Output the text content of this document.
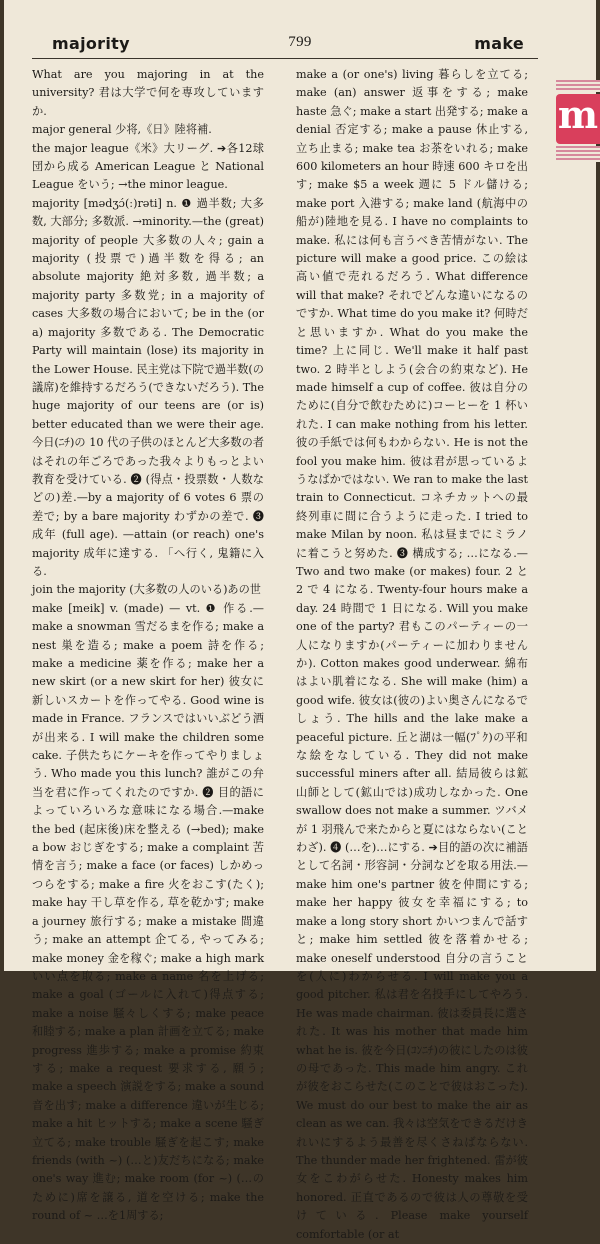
majority	799	make
m

What are you majoring in at the university? 君は大学で何を専攻していますか.

major general 少将,《日》陸将補.

the major league《米》大リーグ. ➔各12球団から成る American League と National League をいう; →the minor league.

majority [mədʒɔ́(ː)rəti] n. ❶ 過半数; 大多数, 大部分; 多数派. →minority.—the (great) majority of people 大多数の人々; gain a majority (投票で)過半数を得る; an absolute majority 絶対多数, 過半数; a majority party 多数党; in a majority of cases 大多数の場合において; be in the (or a) majority 多数である. The Democratic Party will maintain (lose) its majority in the Lower House. 民主党は下院で過半数(の議席)を維持するだろう(できないだろう). The huge majority of our teens are (or is) better educated than we were their age. 今日(ﾆﾁ)の 10 代の子供のほとんど大多数の者はそれの年ごろであった我々よりもっとよい教育を受けている. ❷ (得点・投票数・人数などの)差.—by a majority of 6 votes 6 票の差で; by a bare majority わずかの差で. ❸ 成年 (full age). —attain (or reach) one's majority 成年に達する. 「へ行く, 鬼籍に入る.

join the majority (大多数の人のいる)あの世

make [meik] v. (made) — vt. ❶ 作る.—make a snowman 雪だるまを作る; make a nest 巣を造る; make a poem 詩を作る; make a medicine 薬を作る; make her a new skirt (or a new skirt for her) 彼女に新しいスカートを作ってやる. Good wine is made in France. フランスではいいぶどう酒が出来る. I will make the children some cake. 子供たちにケーキを作ってやりましょう. Who made you this lunch? 誰がこの弁当を君に作ってくれたのですか. ❷ 目的語によっていろいろな意味になる場合.—make the bed (起床後)床を整える (→bed); make a bow おじぎをする; make a complaint 苦情を言う; make a face (or faces) しかめっつらをする; make a fire 火をおこす(たく); make hay 干し草を作る, 草を乾かす; make a journey 旅行する; make a mistake 間違う; make an attempt 企てる, やってみる; make money 金を稼ぐ; make a high mark いい点を取る; make a name 名を上げる; make a goal (ゴールに入れて)得点する; make a noise 騒々しくする; make peace 和睦する; make a plan 計画を立てる; make progress 進歩する; make a promise 約束する; make a request 要求する, 願う; make a speech 演説をする; make a sound 音を出す; make a difference 違いが生じる; make a hit ヒットする; make a scene 騒ぎ立てる; make trouble 騒ぎを起こす; make friends (with ~) (…と)友だちになる; make one's way 進む; make room (for ~) (…のために)席を譲る, 道を空ける; make the round of ~ …を1周する;

make a (or one's) living 暮らしを立てる; make (an) answer 返事をする; make haste 急ぐ; make a start 出発する; make a denial 否定する; make a pause 休止する, 立ち止まる; make tea お茶をいれる; make 600 kilometers an hour 時速 600 キロを出す; make $5 a week 週に 5 ドル儲ける; make port 入港する; make land (航海中の船が)陸地を見る. I have no complaints to make. 私には何も言うべき苦情がない. The picture will make a good price. この絵は高い値で売れるだろう. What difference will that make? それでどんな違いになるのですか. What time do you make it? 何時だと思いますか. What do you make the time? 上に同じ. We'll make it half past two. 2 時半としよう(会合の約束など). He made himself a cup of coffee. 彼は自分のために(自分で飲むために)コーヒーを 1 杯いれた. I can make nothing from his letter. 彼の手紙では何もわからない. He is not the fool you make him. 彼は君が思っているようなばかではない. We ran to make the last train to Connecticut. コネチカットへの最終列車に間に合うように走った. I tried to make Milan by noon. 私は昼までにミラノに着こうと努めた. ❸ 構成する; …になる.—Two and two make (or makes) four. 2 と 2 で 4 になる. Twenty-four hours make a day. 24 時間で 1 日になる. Will you make one of the party? 君もこのパーティーの一人になりますか(パーティーに加わりませんか). Cotton makes good underwear. 綿布はよい肌着になる. She will make (him) a good wife. 彼女は(彼の)よい奥さんになるでしょう. The hills and the lake make a peaceful picture. 丘と湖は一幅(ﾌﾟｸ)の平和な絵をなしている. They did not make successful miners after all. 結局彼らは鉱山師として(鉱山では)成功しなかった. One swallow does not make a summer. ツバメが 1 羽飛んで来たからと夏にはならない(ことわざ). ❹ (…を)…にする. ➔目的語の次に補語として名詞・形容詞・分詞などを取る用法.—make him one's partner 彼を仲間にする; make her happy 彼女を幸福にする; to make a long story short かいつまんで話すと; make him settled 彼を落着かせる; make oneself understood 自分の言うことを(人に)わからせる. I will make you a good pitcher. 私は君を名投手にしてやろう. He was made chairman. 彼は委員長に選された. It was his mother that made him what he is. 彼を今日(ｺﾝﾆﾁ)の彼にしたのは彼の母であった. This made him angry. これが彼をおこらせた(このことで彼はおこった). We must do our best to make the air as clean as we can. 我々は空気をできるだけきれいにするよう最善を尽くさねばならない. The thunder made her frightened. 雷が彼女をこわがらせた. Honesty makes him honored. 正直であるので彼は人の尊敬を受けている. Please make yourself comfortable (or at
